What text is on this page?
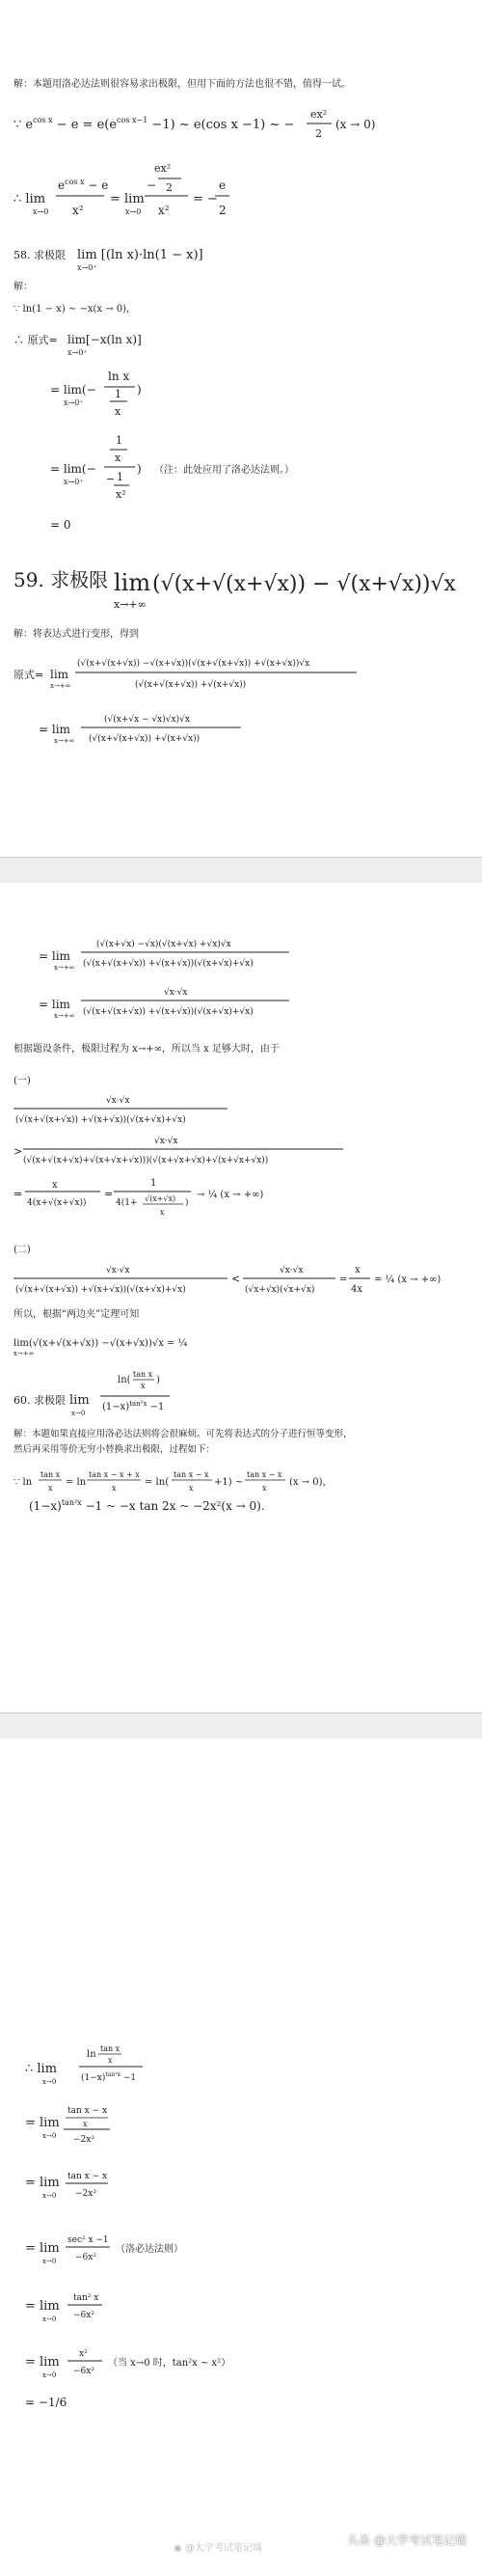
解：本题用洛必达法则很容易求出极限，但用下面的方法也很不错，值得一试。
∵ $e^{cos x} - e = e(e^{cos x-1} -1)$ ~ e(cos x −1) ~ −
ex²
2
(x → 0)
∴ lim
x→0
$e^{cos x} - e$
x²
= lim
x→0
ex²
− 2
x²
= −
e
2
58. 求极限 lim [(ln x)·ln(1 − x)]
x→0⁺
解：
∵ ln(1 − x) ~ −x(x → 0)，
∴ 原式= lim[−x(ln x)]
x→0⁺
= lim(−
x→0⁺
ln x
1
x
)
= lim(−
x→0⁺
1
x
− 1
x²
) （注：此处应用了洛必达法则。）
= 0
59. 求极限 lim
x→+∞
(√(x+√(x+√x)) − √(x+√x))√x
解：将表达式进行变形，得到
原式= lim
x→+∞
(√(x+√(x+√x)) −√(x+√x))(√(x+√(x+√x)) +√(x+√x))√x
(√(x+√(x+√x)) +√(x+√x))
= lim
x→+∞
(√(x+√x − √x)√x)√x
(√(x+√(x+√x)) +√(x+√x))
= lim
x→+∞
(√(x+√x) −√x)(√(x+√x) +√x)√x
(√(x+√(x+√x)) +√(x+√x))(√(x+√x)+√x)
= lim
x→+∞
√x·√x
(√(x+√(x+√x)) +√(x+√x))(√(x+√x)+√x)
根据题设条件，极限过程为 x→+∞，所以当 x 足够大时，由于
(一)
√x·√x
(√(x+√(x+√x)) +√(x+√x))(√(x+√x)+√x)
>
√x·√x
(√(x+√(x+√x)+√(x+√x+√x)))(√(x+√x+√x)+√(x+√x+√x))
=
x
4(x+√(x+√x))
=
1
4(1+ √(x+√x)
x
)
→ ¼ (x → +∞)
(二)
√x·√x
(√(x+√(x+√x)) +√(x+√x))(√(x+√x)+√x)
<
√x·√x
(√x+√x)(√x+√x)
=
x
4x
= ¼ (x → +∞)
所以，根据“两边夹”定理可知
lim(√(x+√(x+√x)) −√(x+√x))√x = ¼
x→+∞
60. 求极限 lim
x→0
ln(
tan x
x
)
$(1-x)^{tan^2x} -1$
解：本题如果直接应用洛必达法则将会很麻烦。可先将表达式的分子进行恒等变形，
然后再采用等价无穷小替换求出极限，过程如下：
∵ ln
tan x
x
= ln
tan x − x + x
x
= ln(
tan x − x
x
+1) ~
tan x − x
x
(x → 0)，
$(1-x)^{tan^2x} -1$ ~ −x tan 2x ~ −2x²(x → 0).
∴ lim
x→0
ln
tan x
x
$(1-x)^{tan^2x} -1$
= lim
x→0
tan x − x
x
−2x²
= lim
x→0
tan x − x
−2x³
= lim
x→0
sec² x −1
−6x²
（洛必达法则）
= lim
x→0
tan² x
−6x²
= lim
x→0
x²
−6x²
（当 x→0 时，tan²x ~ x²）
= −1/6
◉ @大学考试笔记墙
头条 @大学考试笔记墙
